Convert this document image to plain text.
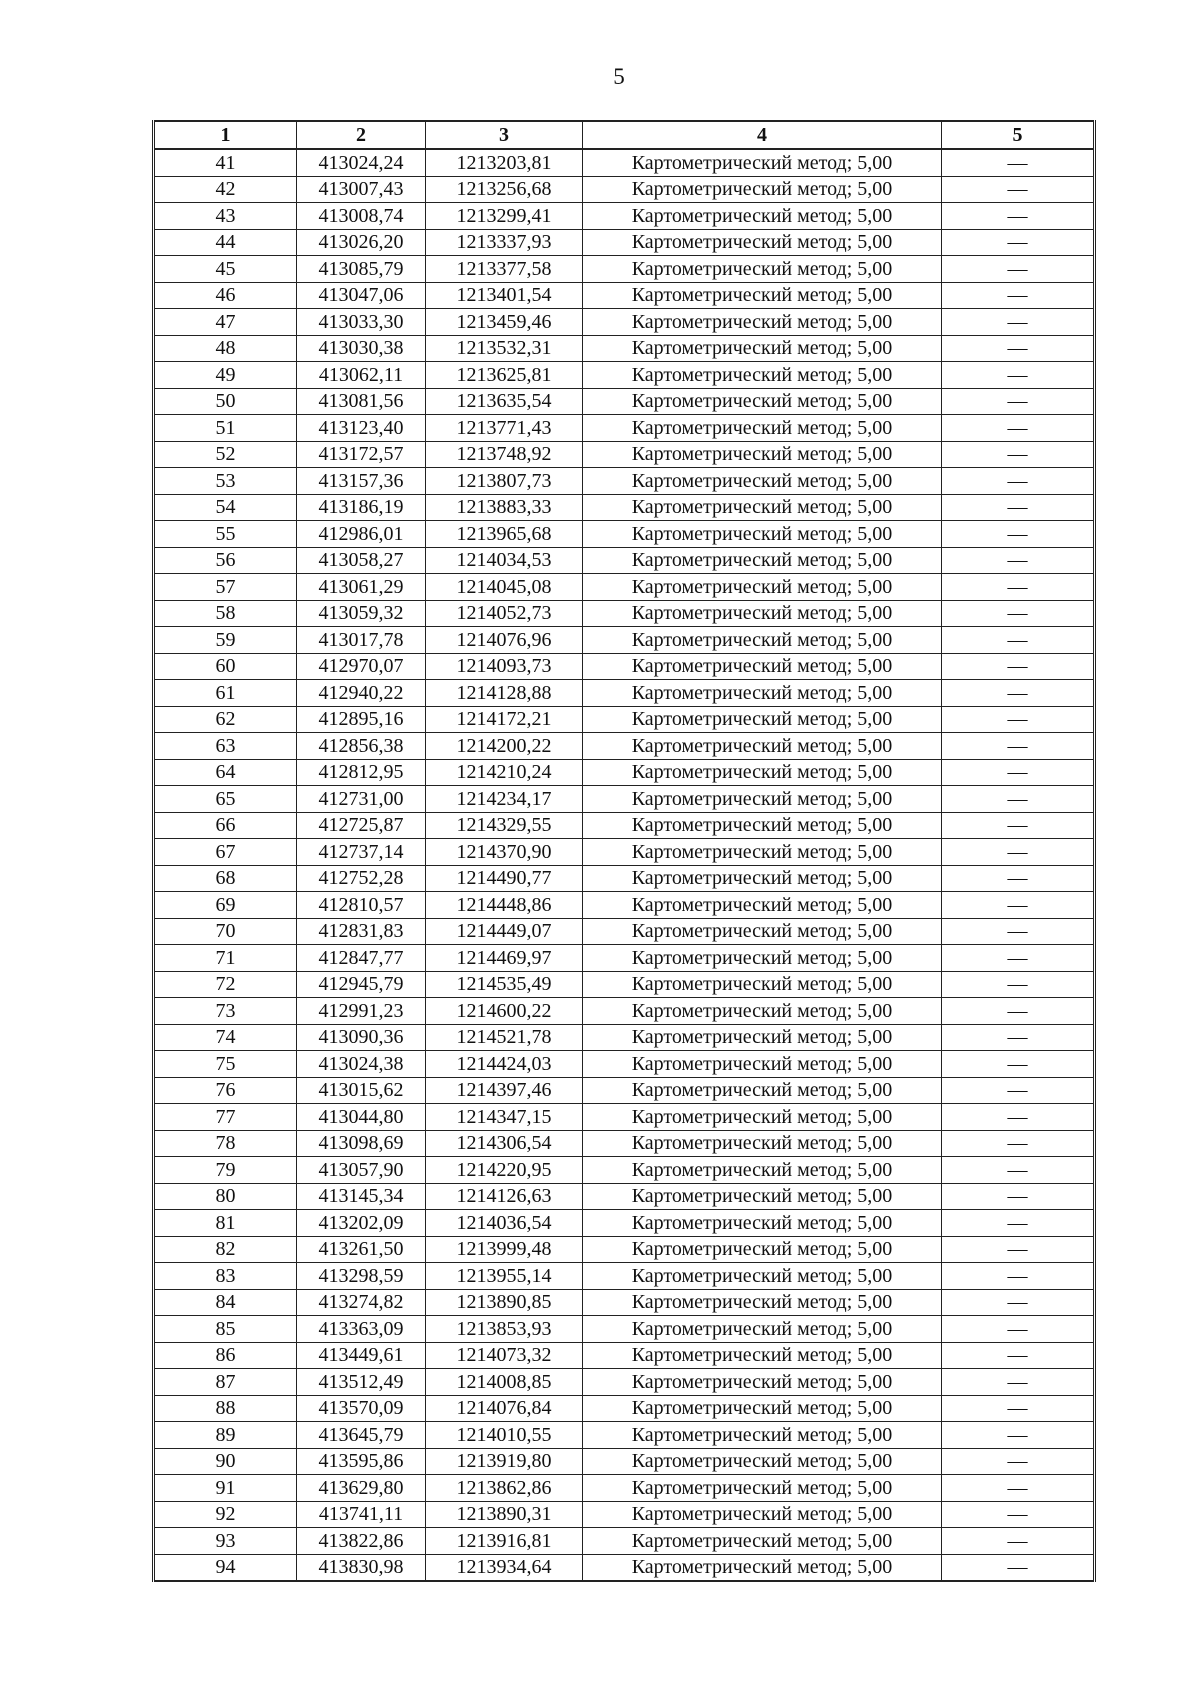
5
1	2	3	4	5
41	413024,24	1213203,81	Картометрический метод; 5,00	—
42	413007,43	1213256,68	Картометрический метод; 5,00	—
43	413008,74	1213299,41	Картометрический метод; 5,00	—
44	413026,20	1213337,93	Картометрический метод; 5,00	—
45	413085,79	1213377,58	Картометрический метод; 5,00	—
46	413047,06	1213401,54	Картометрический метод; 5,00	—
47	413033,30	1213459,46	Картометрический метод; 5,00	—
48	413030,38	1213532,31	Картометрический метод; 5,00	—
49	413062,11	1213625,81	Картометрический метод; 5,00	—
50	413081,56	1213635,54	Картометрический метод; 5,00	—
51	413123,40	1213771,43	Картометрический метод; 5,00	—
52	413172,57	1213748,92	Картометрический метод; 5,00	—
53	413157,36	1213807,73	Картометрический метод; 5,00	—
54	413186,19	1213883,33	Картометрический метод; 5,00	—
55	412986,01	1213965,68	Картометрический метод; 5,00	—
56	413058,27	1214034,53	Картометрический метод; 5,00	—
57	413061,29	1214045,08	Картометрический метод; 5,00	—
58	413059,32	1214052,73	Картометрический метод; 5,00	—
59	413017,78	1214076,96	Картометрический метод; 5,00	—
60	412970,07	1214093,73	Картометрический метод; 5,00	—
61	412940,22	1214128,88	Картометрический метод; 5,00	—
62	412895,16	1214172,21	Картометрический метод; 5,00	—
63	412856,38	1214200,22	Картометрический метод; 5,00	—
64	412812,95	1214210,24	Картометрический метод; 5,00	—
65	412731,00	1214234,17	Картометрический метод; 5,00	—
66	412725,87	1214329,55	Картометрический метод; 5,00	—
67	412737,14	1214370,90	Картометрический метод; 5,00	—
68	412752,28	1214490,77	Картометрический метод; 5,00	—
69	412810,57	1214448,86	Картометрический метод; 5,00	—
70	412831,83	1214449,07	Картометрический метод; 5,00	—
71	412847,77	1214469,97	Картометрический метод; 5,00	—
72	412945,79	1214535,49	Картометрический метод; 5,00	—
73	412991,23	1214600,22	Картометрический метод; 5,00	—
74	413090,36	1214521,78	Картометрический метод; 5,00	—
75	413024,38	1214424,03	Картометрический метод; 5,00	—
76	413015,62	1214397,46	Картометрический метод; 5,00	—
77	413044,80	1214347,15	Картометрический метод; 5,00	—
78	413098,69	1214306,54	Картометрический метод; 5,00	—
79	413057,90	1214220,95	Картометрический метод; 5,00	—
80	413145,34	1214126,63	Картометрический метод; 5,00	—
81	413202,09	1214036,54	Картометрический метод; 5,00	—
82	413261,50	1213999,48	Картометрический метод; 5,00	—
83	413298,59	1213955,14	Картометрический метод; 5,00	—
84	413274,82	1213890,85	Картометрический метод; 5,00	—
85	413363,09	1213853,93	Картометрический метод; 5,00	—
86	413449,61	1214073,32	Картометрический метод; 5,00	—
87	413512,49	1214008,85	Картометрический метод; 5,00	—
88	413570,09	1214076,84	Картометрический метод; 5,00	—
89	413645,79	1214010,55	Картометрический метод; 5,00	—
90	413595,86	1213919,80	Картометрический метод; 5,00	—
91	413629,80	1213862,86	Картометрический метод; 5,00	—
92	413741,11	1213890,31	Картометрический метод; 5,00	—
93	413822,86	1213916,81	Картометрический метод; 5,00	—
94	413830,98	1213934,64	Картометрический метод; 5,00	—
